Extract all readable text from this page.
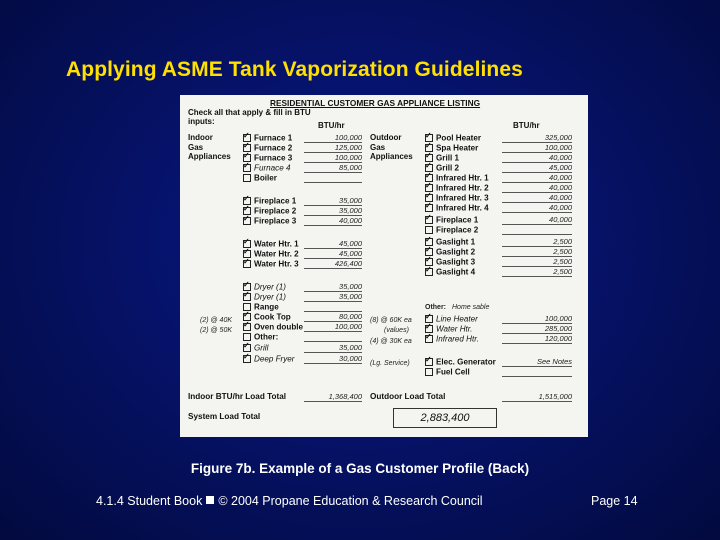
Applying ASME Tank Vaporization Guidelines
RESIDENTIAL CUSTOMER GAS APPLIANCE LISTING
Check all that apply & fill in BTU inputs:	BTU/hr	BTU/hr
Indoor
Gas
Appliances
Outdoor
Gas
Appliances
✓Furnace 1	100,000
✓Furnace 2	125,000
✓Furnace 3	100,000
✓Furnace 4	85,000
Boiler
✓Fireplace 1	35,000
✓Fireplace 2	35,000
✓Fireplace 3	40,000
✓Water Htr. 1	45,000
✓Water Htr. 2	45,000
✓Water Htr. 3	426,400
✓Dryer (1)	35,000
✓Dryer (1)	35,000
Range
✓Cook Top	80,000
✓Oven double	100,000
Other:
✓Grill	35,000
✓Deep Fryer	30,000
✓Pool Heater	325,000
✓Spa Heater	100,000
✓Grill 1	40,000
✓Grill 2	45,000
✓Infrared Htr. 1	40,000
✓Infrared Htr. 2	40,000
✓Infrared Htr. 3	40,000
✓Infrared Htr. 4	40,000
✓Fireplace 1	40,000
Fireplace 2
✓Gaslight 1	2,500
✓Gaslight 2	2,500
✓Gaslight 3	2,500
✓Gaslight 4	2,500
✓Line Heater	100,000
✓Water Htr.	285,000
✓Infrared Htr.	120,000
✓Elec. Generator	See Notes
Fuel Cell
Other: Home sable
(2) @ 40K
(2) @ 50K
(8) @ 60K ea
(values)
(4) @ 30K ea
(Lg. Service)
Indoor BTU/hr Load Total	1,368,400 Outdoor Load Total	1,515,000
System Load Total	2,883,400
Figure 7b. Example of a Gas Customer Profile (Back)
4.1.4 Student Book © 2004 Propane Education & Research Council	Page 14
